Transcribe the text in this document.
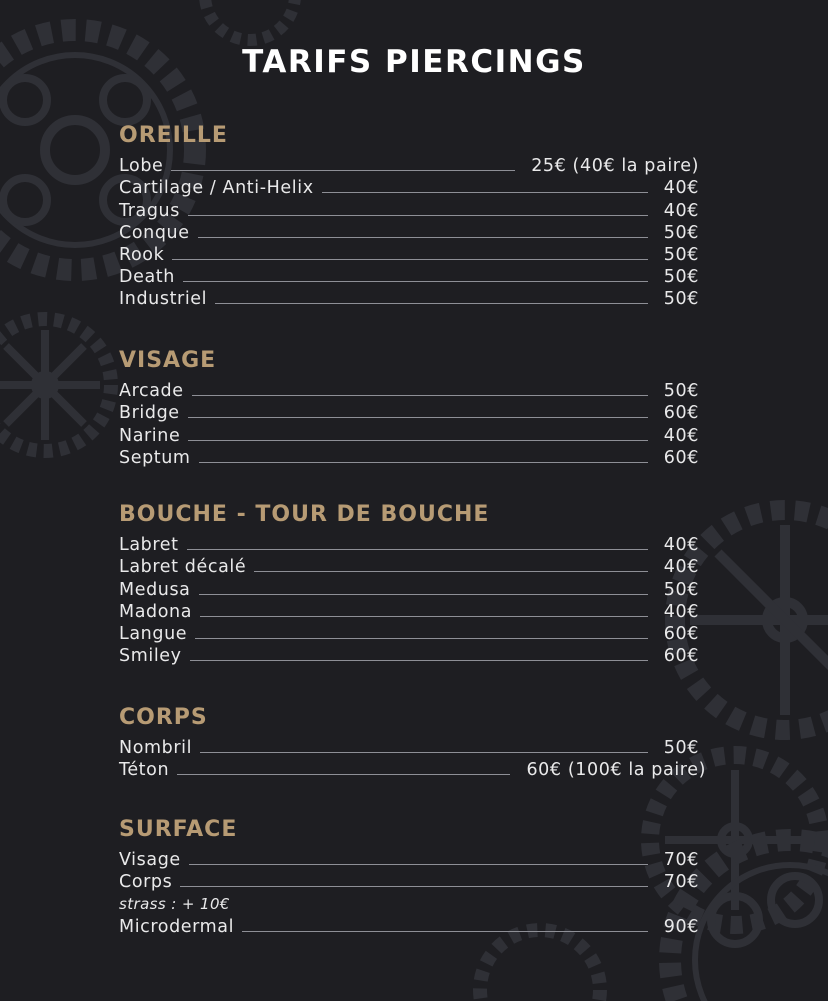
TARIFS PIERCINGS
OREILLE
Lobe	25€ (40€ la paire)
Cartilage / Anti-Helix	40€
Tragus	40€
Conque	50€
Rook	50€
Death	50€
Industriel	50€
VISAGE
Arcade	50€
Bridge	60€
Narine	40€
Septum	60€
BOUCHE - TOUR DE BOUCHE
Labret	40€
Labret décalé	40€
Medusa	50€
Madona	40€
Langue	60€
Smiley	60€
CORPS
Nombril	50€
Téton	60€ (100€ la paire)
SURFACE
Visage	70€
Corps	70€
strass : + 10€
Microdermal	90€
